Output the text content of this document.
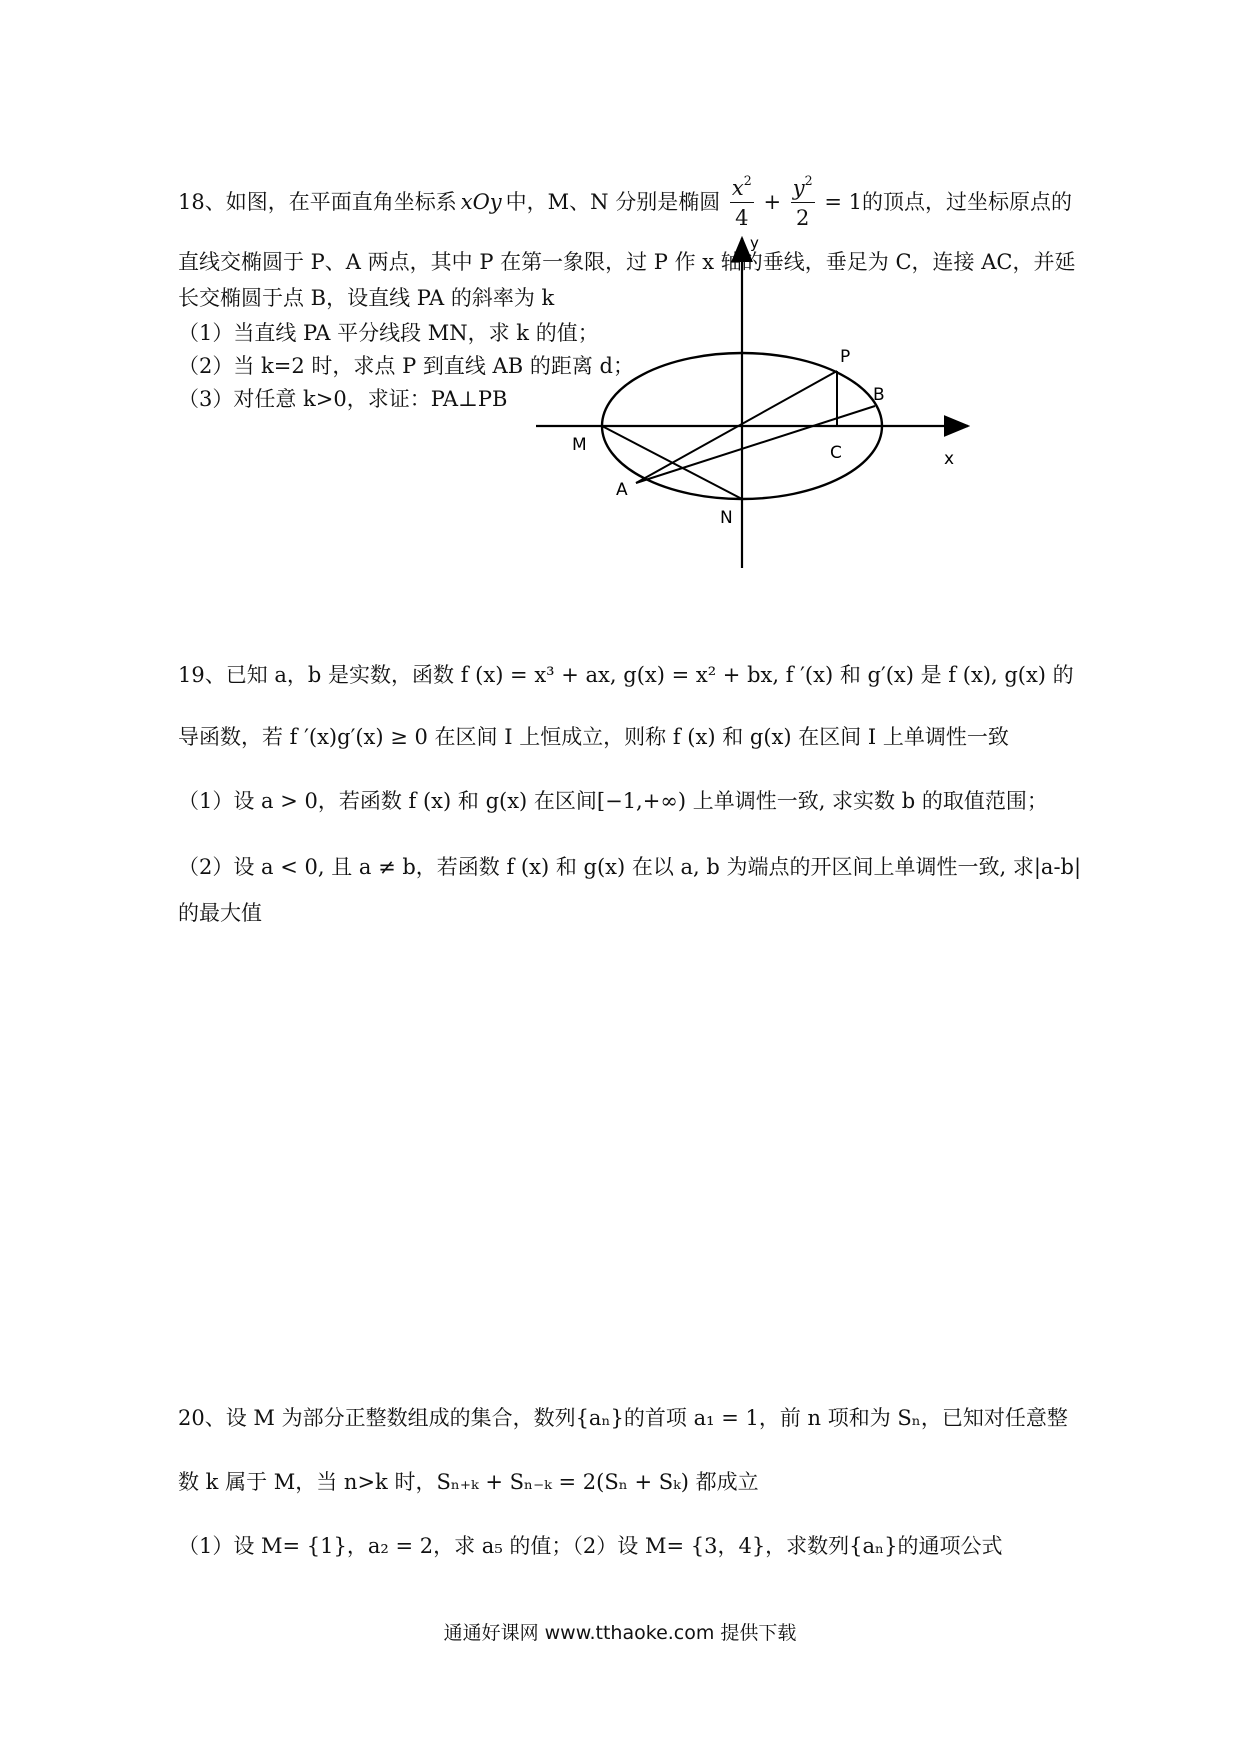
18、如图，在平面直角坐标系 xOy 中，M、N 分别是椭圆 $\frac{x^2}{4} + \frac{y^2}{2} = 1$的顶点，过坐标原点的
直线交椭圆于 P、A 两点，其中 P 在第一象限，过 P 作 x 轴的垂线，垂足为 C，连接 AC，并延
长交椭圆于点 B，设直线 PA 的斜率为 k
（1）当直线 PA 平分线段 MN，求 k 的值；
（2）当 k=2 时，求点 P 到直线 AB 的距离 d；
（3）对任意 k>0，求证：PA⊥PB
y
P
B
C
M
x
A
N
19、已知 a，b 是实数，函数 f (x) = x³ + ax, g(x) = x² + bx, f ′(x) 和 g′(x) 是 f (x), g(x) 的
导函数，若 f ′(x)g′(x) ≥ 0 在区间 I 上恒成立，则称 f (x) 和 g(x) 在区间 I 上单调性一致
（1）设 a > 0，若函数 f (x) 和 g(x) 在区间[−1,+∞) 上单调性一致, 求实数 b 的取值范围；
（2）设 a < 0, 且 a ≠ b，若函数 f (x) 和 g(x) 在以 a, b 为端点的开区间上单调性一致, 求|a-b|
的最大值
20、设 M 为部分正整数组成的集合，数列{aₙ}的首项 a₁ = 1，前 n 项和为 Sₙ，已知对任意整
数 k 属于 M，当 n>k 时，Sₙ₊ₖ + Sₙ₋ₖ = 2(Sₙ + Sₖ) 都成立
（1）设 M= {1}，a₂ = 2，求 a₅ 的值；（2）设 M= {3，4}，求数列{aₙ}的通项公式
通通好课网 www.tthaoke.com 提供下载
